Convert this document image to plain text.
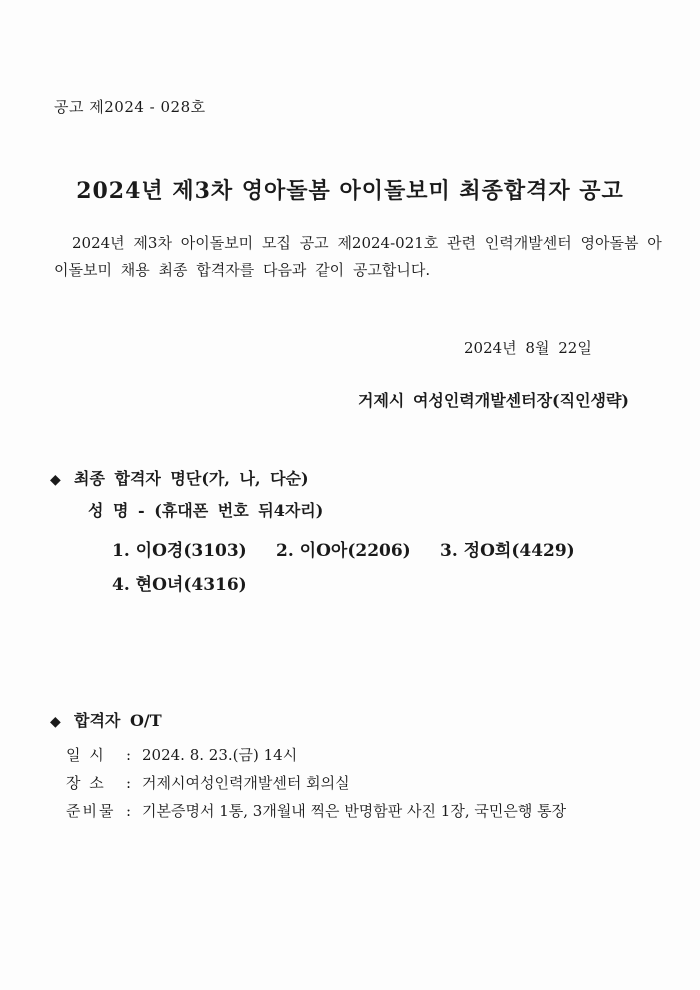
공고 제2024 - 028호
2024년 제3차 영아돌봄 아이돌보미 최종합격자 공고
2024년 제3차 아이돌보미 모집 공고 제2024-021호 관련 인력개발센터 영아돌봄 아이돌보미 채용 최종 합격자를 다음과 같이 공고합니다.
2024년 8월 22일
거제시 여성인력개발센터장(직인생략)
◆ 최종 합격자 명단(가, 나, 다순)
성 명 - (휴대폰 번호 뒤4자리)
1. 이O경(3103) 2. 이O아(2206) 3. 정O희(4429)
4. 현O녀(4316)
◆ 합격자 O/T
일 시 : 2024. 8. 23.(금) 14시
장 소 : 거제시여성인력개발센터 회의실
준비물 : 기본증명서 1통, 3개월내 찍은 반명함판 사진 1장, 국민은행 통장
